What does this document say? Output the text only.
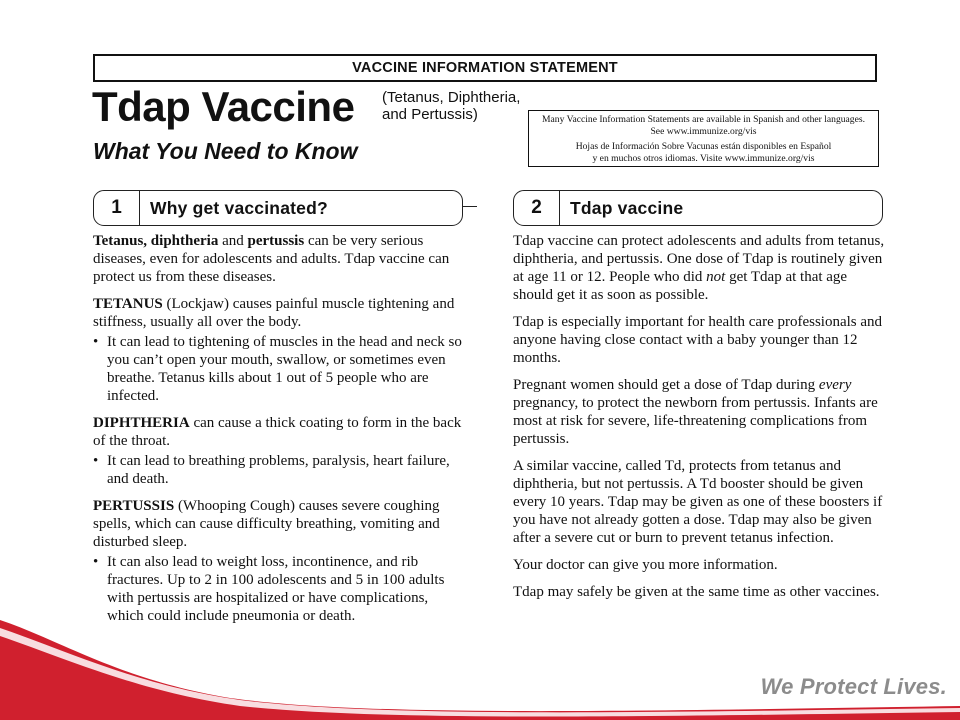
VACCINE INFORMATION STATEMENT
Tdap Vaccine (Tetanus, Diphtheria,
and Pertussis)
What You Need to Know
Many Vaccine Information Statements are available in Spanish and other languages.
See www.immunize.org/vis
Hojas de Información Sobre Vacunas están disponibles en Español
y en muchos otros idiomas. Visite www.immunize.org/vis
1	Why get vaccinated?	2	Tdap vaccine

Tetanus, diphtheria and pertussis can be very serious diseases, even for adolescents and adults. Tdap vaccine can protect us from these diseases.

TETANUS (Lockjaw) causes painful muscle tightening and stiffness, usually all over the body.

• It can lead to tightening of muscles in the head and neck so you can’t open your mouth, swallow, or sometimes even breathe. Tetanus kills about 1 out of 5 people who are infected.

DIPHTHERIA can cause a thick coating to form in the back of the throat.

• It can lead to breathing problems, paralysis, heart failure, and death.

PERTUSSIS (Whooping Cough) causes severe coughing spells, which can cause difficulty breathing, vomiting and disturbed sleep.

• It can also lead to weight loss, incontinence, and rib fractures. Up to 2 in 100 adolescents and 5 in 100 adults with pertussis are hospitalized or have complications, which could include pneumonia or death.

Tdap vaccine can protect adolescents and adults from tetanus, diphtheria, and pertussis. One dose of Tdap is routinely given at age 11 or 12. People who did not get Tdap at that age should get it as soon as possible.

Tdap is especially important for health care professionals and anyone having close contact with a baby younger than 12 months.

Pregnant women should get a dose of Tdap during every pregnancy, to protect the newborn from pertussis. Infants are most at risk for severe, life-threatening complications from pertussis.

A similar vaccine, called Td, protects from tetanus and diphtheria, but not pertussis. A Td booster should be given every 10 years. Tdap may be given as one of these boosters if you have not already gotten a dose. Tdap may also be given after a severe cut or burn to prevent tetanus infection.

Your doctor can give you more information.

Tdap may safely be given at the same time as other vaccines.

We Protect Lives.
